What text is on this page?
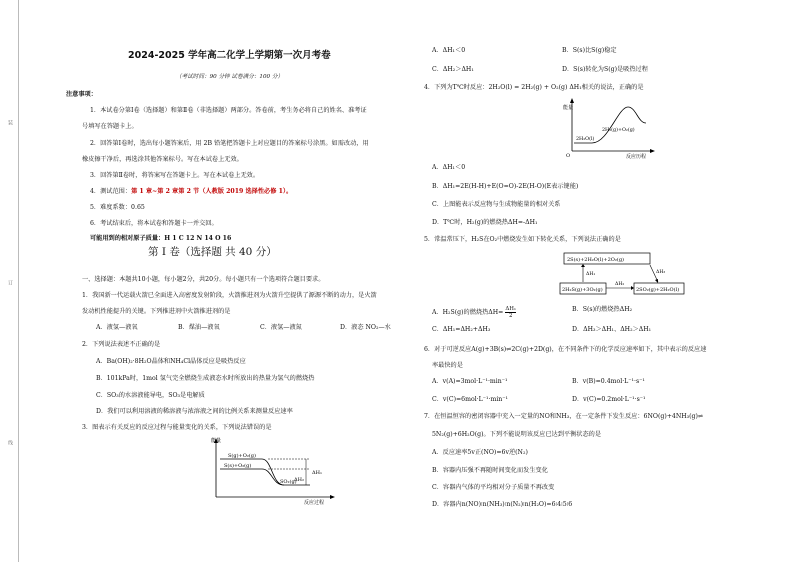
装
订
线
2024-2025 学年高二化学上学期第一次月考卷
（考试时间：90 分钟 试卷满分：100 分）
注意事项：
1．本试卷分第Ⅰ卷（选择题）和第Ⅱ卷（非选择题）两部分。答卷前，考生务必将自己的姓名、准考证
号填写在答题卡上。
2．回答第Ⅰ卷时，选出每小题答案后，用 2B 铅笔把答题卡上对应题目的答案标号涂黑。如需改动，用
橡皮擦干净后，再选涂其他答案标号。写在本试卷上无效。
3．回答第Ⅱ卷时，将答案写在答题卡上。写在本试卷上无效。
4．测试范围：第 1 章~第 2 章第 2 节（人教版 2019 选择性必修 1）。
5．难度系数：0.65
6．考试结束后，将本试卷和答题卡一并交回。
可能用到的相对原子质量：H 1 C 12 N 14 O 16
第 I 卷（选择题 共 40 分）
一、选择题：本题共10小题，每小题2分，共20分。每小题只有一个选项符合题目要求。
1．我国新一代运载火箭已全面进入高密度发射阶段，火箭推进剂为火箭升空提供了源源不断的动力，是火箭
发动机性能提升的关键。下列推进剂中火箭推进剂的是
A．液氢—液氧	B．煤油—液氧	C．液氢—液氮	D．液态 NO₂—水
2．下列说法表述不正确的是
A．Ba(OH)₂·8H₂O晶体和NH₄Cl晶体反应是吸热反应
B．101kPa时，1mol 氢气完全燃烧生成液态水时所放出的热量为氢气的燃烧热
C．SO₃的水溶液能导电，SO₃是电解质
D．我们可以利用溶液的稀溶液与浓溶液之间的比例关系来测量反应速率
3．图表示有关反应的反应过程与能量变化的关系，下列说法错误的是
能量
反应过程
S(g)+O₂(g)
S(s)+O₂(g)
SO₂(g)
ΔH₁
ΔH₂
A．ΔH₁＜0	B．S(s)比S(g)稳定
C．ΔH₂＞ΔH₁	D．S(s)转化为S(g)是吸热过程
4．下列为T℃时反应：2H₂O(l) = 2H₂(g) + O₂(g) ΔH₁相关的说法，正确的是
能量
反应历程
O
2H₂O(l)
2H₂(g)+O₂(g)
A．ΔH₁＜0
B．ΔH₁=2E(H-H)+E(O=O)-2E(H-O)(E表示键能)
C．上图能表示反应物与生成物能量的相对关系
D．T℃时，H₂(g)的燃烧热ΔH=-ΔH₁
5．常温常压下，H₂S在O₂中燃烧发生如下转化关系，下列说法正确的是
2S(s)+2H₂O(l)+2O₂(g)
2H₂S(g)+3O₂(g)	2SO₂(g)+2H₂O(l)
ΔH₁	ΔH₃
ΔH₂
A．H₂S(g)的燃烧热$\Delta H= \frac{\text{ΔH₁}}{2}$	B．S(s)的燃烧热ΔH₂
C．ΔH₁=ΔH₂+ΔH₃	D．ΔH₃＞ΔH₁、ΔH₂＞ΔH₁
6．对于可逆反应A(g)+3B(s)⇌2C(g)+2D(g)，在不同条件下的化学反应速率如下，其中表示的反应速
率最快的是
A．v(A)=3mol·L⁻¹·min⁻¹	B．v(B)=0.4mol·L⁻¹·s⁻¹
C．v(C)=6mol·L⁻¹·min⁻¹	D．v(C)=0.2mol·L⁻¹·s⁻¹
7．在恒温恒容的密闭容器中充入一定量的NO和NH₃，在一定条件下发生反应：6NO(g)+4NH₃(g)⇌
5N₂(g)+6H₂O(g)。下列不能说明该反应已达到平衡状态的是
A．反应速率5v正(NO)=6v逆(N₂)
B．容器内压强不再随时间变化而发生变化
C．容器内气体的平均相对分子质量不再改变
D．容器内n(NO)∶n(NH₃)∶n(N₂)∶n(H₂O)=6∶4∶5∶6
